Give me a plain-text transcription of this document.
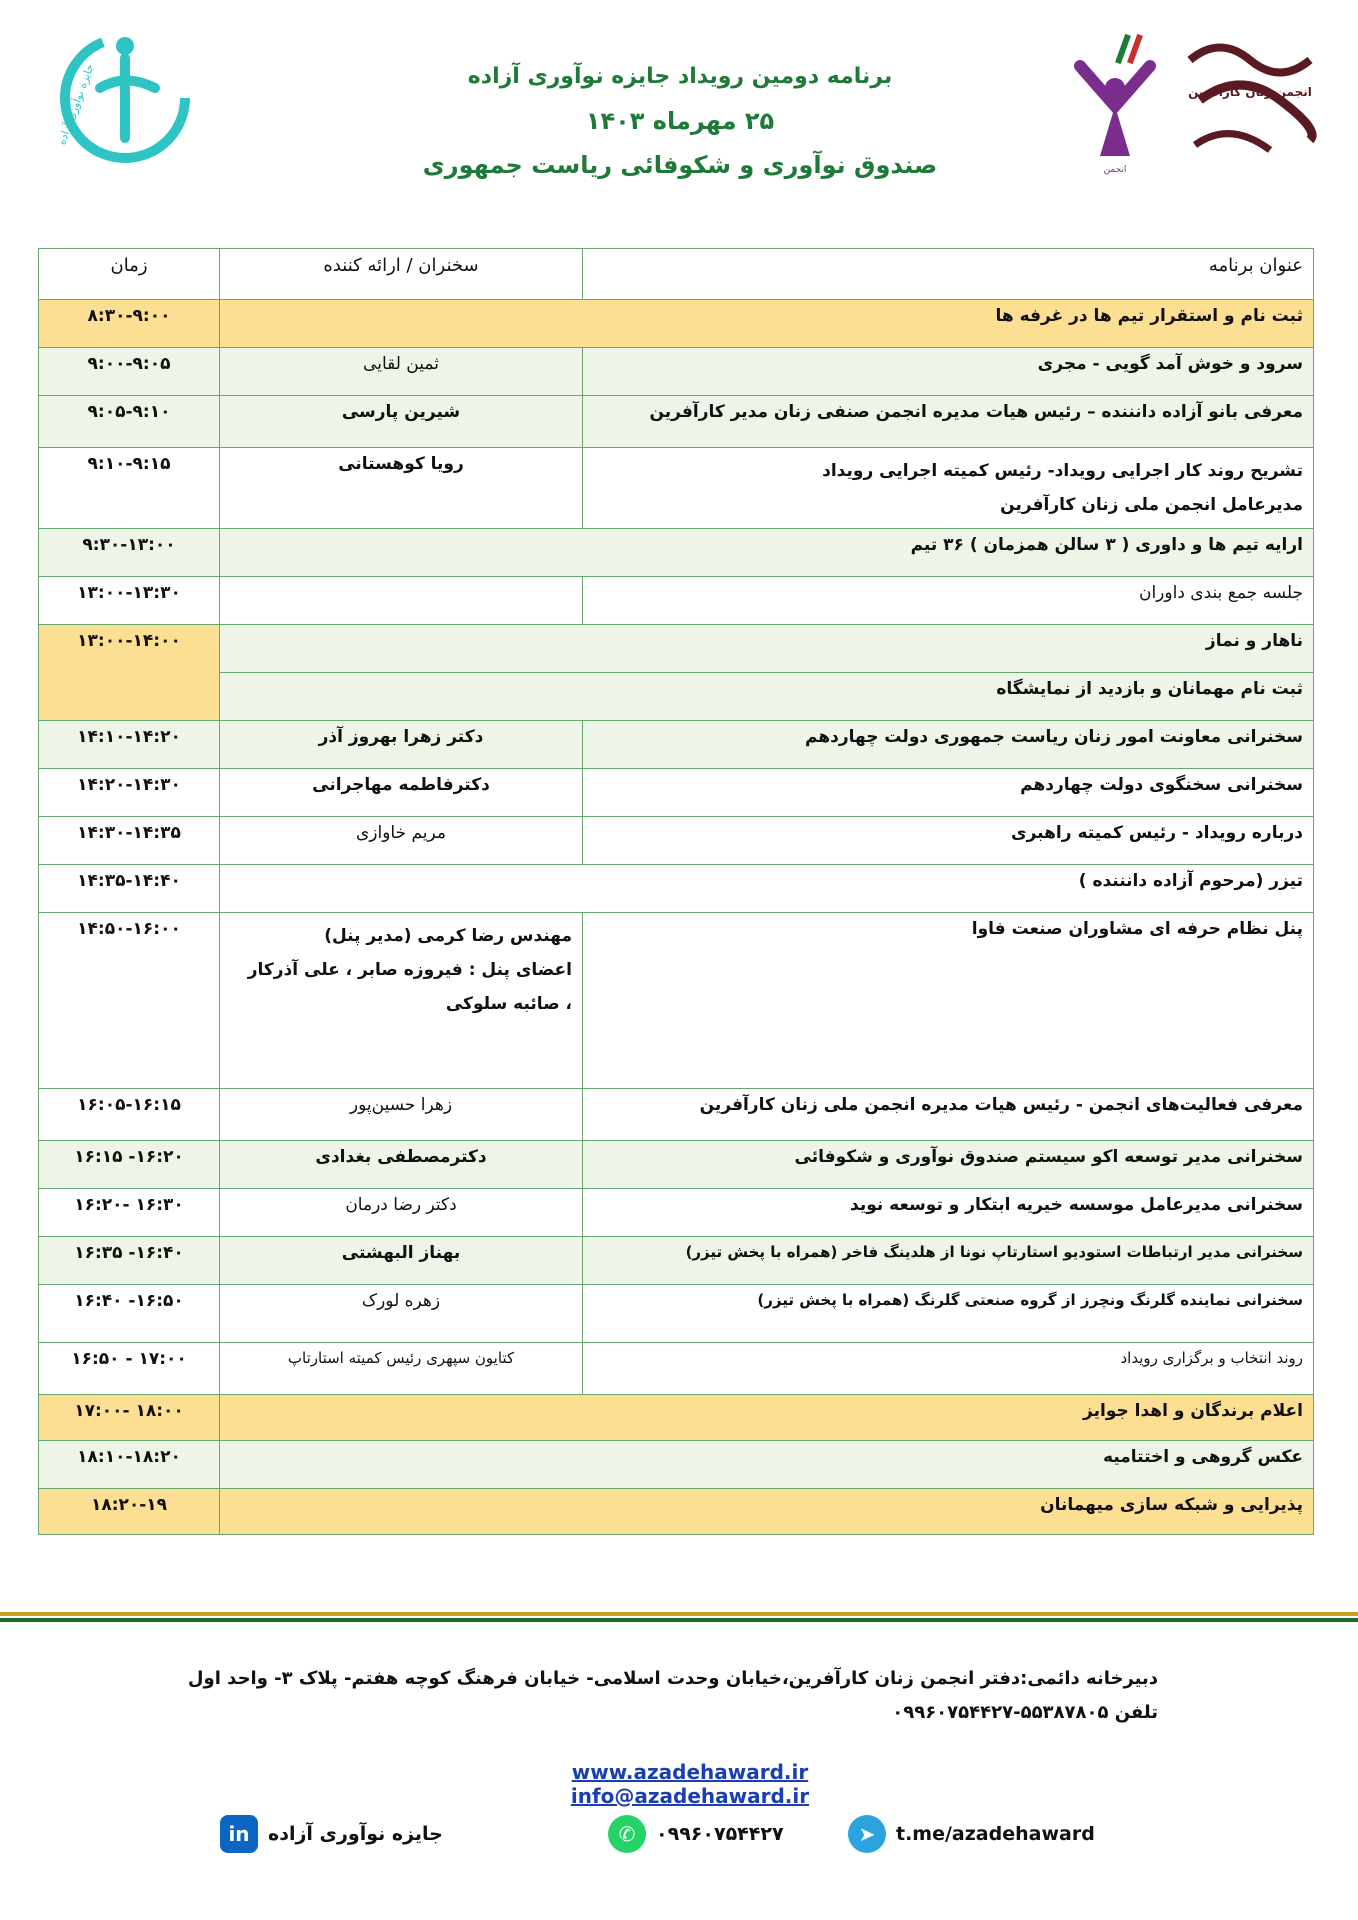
جایزه نوآوری آزاده
انجمن
انجمن زنان کارآفرین
برنامه دومین رویداد جایزه نوآوری آزاده
۲۵ مهرماه ۱۴۰۳
صندوق نوآوری و شکوفائی ریاست جمهوری
عنوان برنامه	سخنران / ارائه کننده	زمان
ثبت نام و استقرار تیم ها در غرفه ها		۸:۳۰-۹:۰۰
سرود و خوش آمد گویی - مجری	ثمین لقایی	۹:۰۰-۹:۰۵
معرفی بانو آزاده دانننده – رئیس هیات مدیره انجمن صنفی زنان مدیر کارآفرین	شیرین پارسی	۹:۰۵-۹:۱۰

تشریح روند کار اجرایی رویداد- رئیس کمیته اجرایی رویداد
مدیرعامل انجمن ملی زنان کارآفرین	رویا کوهستانی	۹:۱۰-۹:۱۵
ارایه تیم ها و داوری ( ۳ سالن همزمان ) ۳۶ تیم		۹:۳۰-۱۳:۰۰
جلسه جمع بندی داوران		۱۳:۰۰-۱۳:۳۰
ناهار و نماز		۱۳:۰۰-۱۴:۰۰
ثبت نام مهمانان و بازدید از نمایشگاه		
سخنرانی معاونت امور زنان ریاست جمهوری دولت چهاردهم	دکتر زهرا بهروز آذر	۱۴:۱۰-۱۴:۲۰
سخنرانی سخنگوی دولت چهاردهم	دکترفاطمه مهاجرانی	۱۴:۲۰-۱۴:۳۰
درباره رویداد - رئیس کمیته راهبری	مریم خاوازی	۱۴:۳۰-۱۴:۳۵
تیزر (مرحوم آزاده دانننده )		۱۴:۳۵-۱۴:۴۰
پنل نظام حرفه ای مشاوران صنعت فاوا	مهندس رضا کرمی (مدیر پنل)
اعضای پنل : فیروزه صابر ، علی آذرکار
، صائبه سلوکی	۱۴:۵۰-۱۶:۰۰
معرفی فعالیت‌های انجمن - رئیس هیات مدیره انجمن ملی زنان کارآفرین	زهرا حسین‌پور	۱۶:۰۵-۱۶:۱۵
سخنرانی مدیر توسعه اکو سیستم صندوق نوآوری و شکوفائی	دکترمصطفی بغدادی	۱۶:۱۵ -۱۶:۲۰
سخنرانی مدیرعامل موسسه خیریه ابتکار و توسعه نوید	دکتر رضا درمان	۱۶:۲۰- ۱۶:۳۰
سخنرانی مدیر ارتباطات استودیو استارتاپ نونا از هلدینگ فاخر (همراه با پخش تیزر)	بهناز البهشتی	۱۶:۳۵ -۱۶:۴۰
سخنرانی نماینده گلرنگ ونچرز از گروه صنعتی گلرنگ (همراه با پخش تیزر)	زهره لورک	۱۶:۴۰ -۱۶:۵۰
روند انتخاب و برگزاری رویداد	کتایون سپهری رئیس کمیته استارتاپ	۱۶:۵۰ - ۱۷:۰۰
اعلام برندگان و اهدا جوایز		۱۷:۰۰- ۱۸:۰۰
عکس گروهی و اختتامیه		۱۸:۱۰-۱۸:۲۰
پذیرایی و شبکه سازی میهمانان		۱۸:۲۰-۱۹
دبیرخانه دائمی:دفتر انجمن زنان کارآفرین،خیابان وحدت اسلامی- خیابان فرهنگ کوچه هفتم- پلاک ۳- واحد اول
تلفن ۵۵۳۸۷۸۰۵-۰۹۹۶۰۷۵۴۴۲۷
www.azadehaward.ir info@azadehaward.ir
in جایزه نوآوری آزاده	✆	۰۹۹۶۰۷۵۴۴۲۷	➤	t.me/azadehaward
